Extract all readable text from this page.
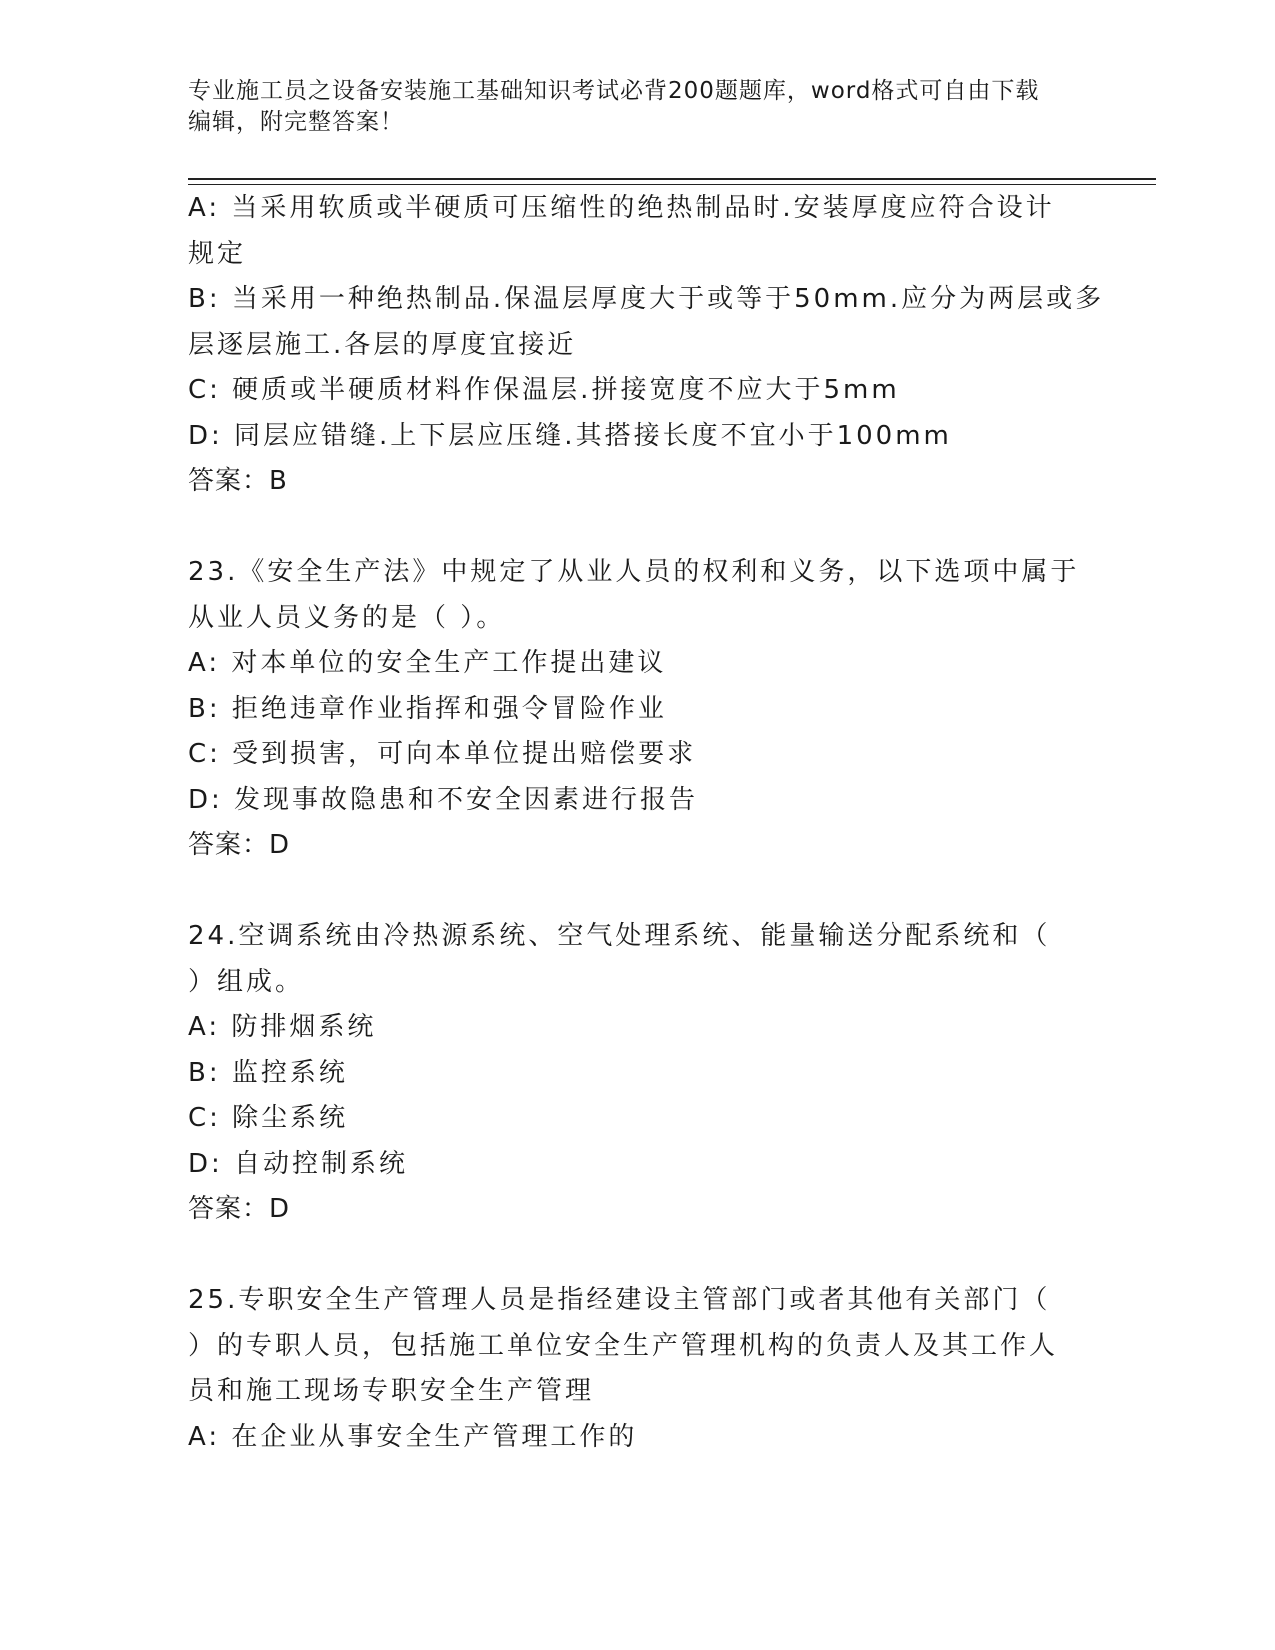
专业施工员之设备安装施工基础知识考试必背200题题库，word格式可自由下载
编辑，附完整答案！
A: 当采用软质或半硬质可压缩性的绝热制品时.安装厚度应符合设计
规定
B: 当采用一种绝热制品.保温层厚度大于或等于50mm.应分为两层或多
层逐层施工.各层的厚度宜接近
C: 硬质或半硬质材料作保温层.拼接宽度不应大于5mm
D: 同层应错缝.上下层应压缝.其搭接长度不宜小于100mm
答案：B
23.《安全生产法》中规定了从业人员的权利和义务，以下选项中属于
从业人员义务的是（ ）。
A: 对本单位的安全生产工作提出建议
B: 拒绝违章作业指挥和强令冒险作业
C: 受到损害，可向本单位提出赔偿要求
D: 发现事故隐患和不安全因素进行报告
答案：D
24.空调系统由冷热源系统、空气处理系统、能量输送分配系统和（
）组成。
A: 防排烟系统
B: 监控系统
C: 除尘系统
D: 自动控制系统
答案：D
25.专职安全生产管理人员是指经建设主管部门或者其他有关部门（
）的专职人员，包括施工单位安全生产管理机构的负责人及其工作人
员和施工现场专职安全生产管理
A: 在企业从事安全生产管理工作的
